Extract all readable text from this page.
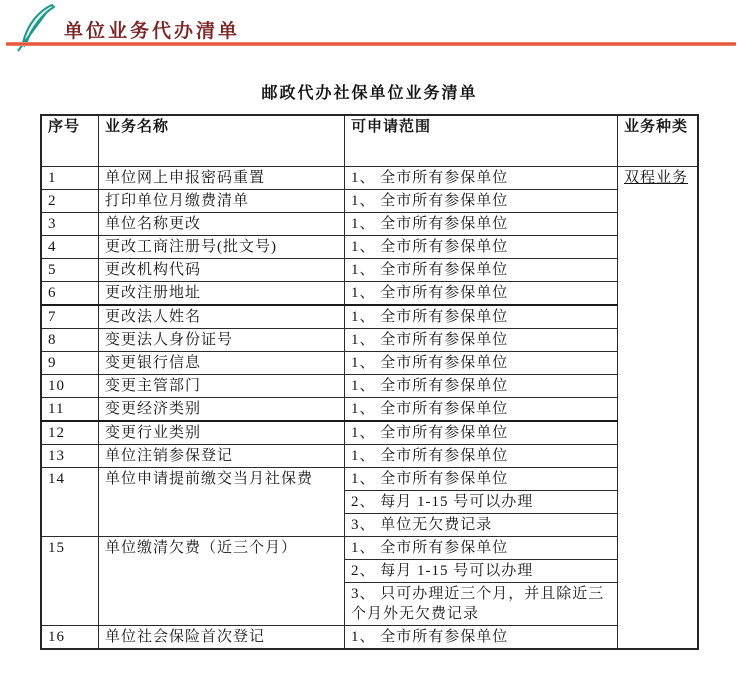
单位业务代办清单
邮政代办社保单位业务清单
序号	业务名称	可申请范围	业务种类
1	单位网上申报密码重置	1、 全市所有参保单位	双程业务
2	打印单位月缴费清单	1、 全市所有参保单位	
3	单位名称更改	1、 全市所有参保单位	
4	更改工商注册号(批文号)	1、 全市所有参保单位	
5	更改机构代码	1、 全市所有参保单位	
6	更改注册地址	1、 全市所有参保单位	
7	更改法人姓名	1、 全市所有参保单位	
8	变更法人身份证号	1、 全市所有参保单位	
9	变更银行信息	1、 全市所有参保单位	
10	变更主管部门	1、 全市所有参保单位	
11	变更经济类别	1、 全市所有参保单位	
12	变更行业类别	1、 全市所有参保单位	
13	单位注销参保登记	1、 全市所有参保单位	
14	单位申请提前缴交当月社保费	1、 全市所有参保单位	
		2、 每月 1-15 号可以办理	
		3、 单位无欠费记录	
15	单位缴清欠费（近三个月）	1、 全市所有参保单位	
		2、 每月 1-15 号可以办理	
		3、 只可办理近三个月，并且除近三个月外无欠费记录	
16	单位社会保险首次登记	1、 全市所有参保单位	
